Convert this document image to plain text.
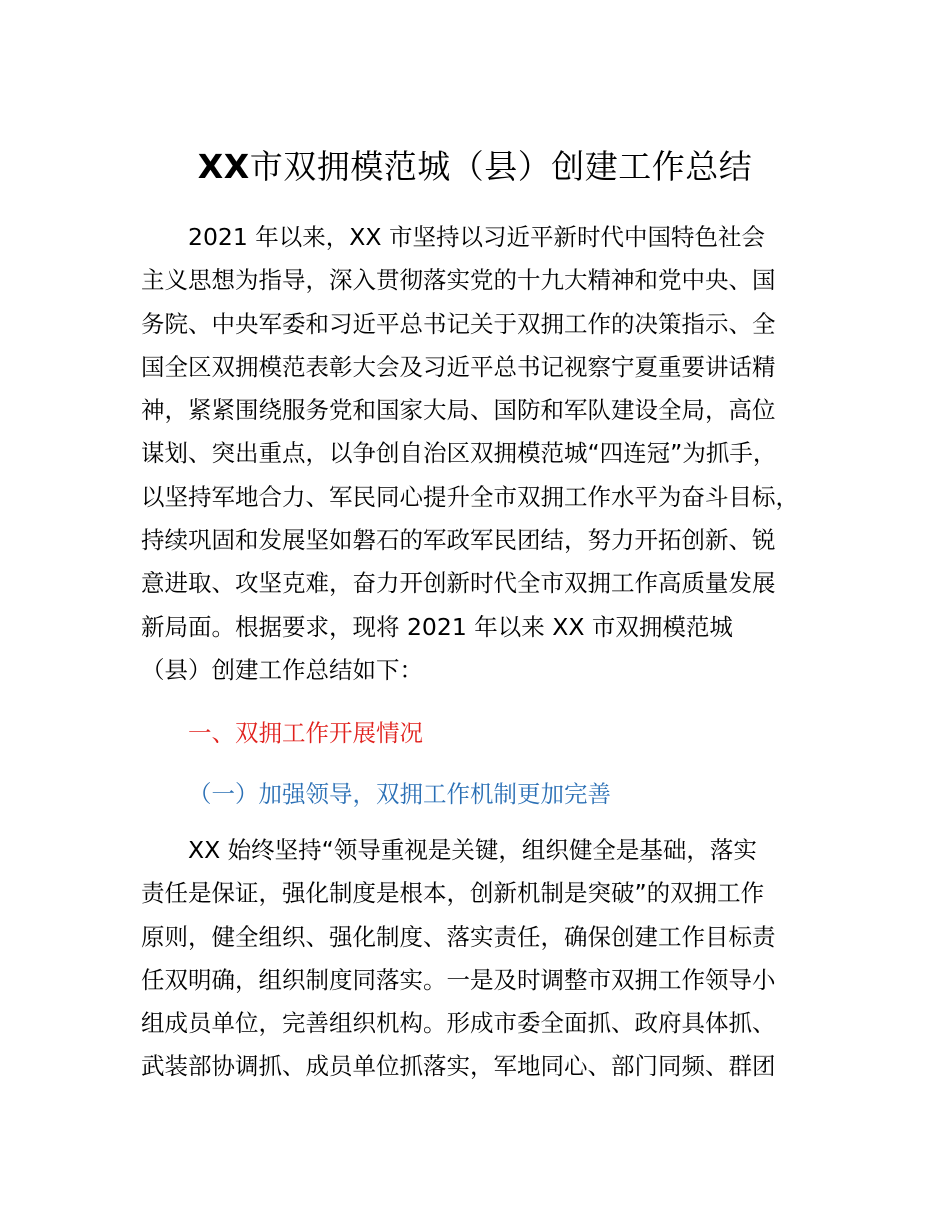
XX市双拥模范城（县）创建工作总结

2021 年以来，XX 市坚持以习近平新时代中国特色社会
主义思想为指导，深入贯彻落实党的十九大精神和党中央、国
务院、中央军委和习近平总书记关于双拥工作的决策指示、全
国全区双拥模范表彰大会及习近平总书记视察宁夏重要讲话精
神，紧紧围绕服务党和国家大局、国防和军队建设全局，高位
谋划、突出重点，以争创自治区双拥模范城“四连冠”为抓手，
以坚持军地合力、军民同心提升全市双拥工作水平为奋斗目标，
持续巩固和发展坚如磐石的军政军民团结，努力开拓创新、锐
意进取、攻坚克难，奋力开创新时代全市双拥工作高质量发展
新局面。根据要求，现将 2021 年以来 XX 市双拥模范城
（县）创建工作总结如下：

一、双拥工作开展情况
（一）加强领导，双拥工作机制更加完善

XX 始终坚持“领导重视是关键，组织健全是基础，落实
责任是保证，强化制度是根本，创新机制是突破”的双拥工作
原则，健全组织、强化制度、落实责任，确保创建工作目标责
任双明确，组织制度同落实。一是及时调整市双拥工作领导小
组成员单位，完善组织机构。形成市委全面抓、政府具体抓、
武装部协调抓、成员单位抓落实，军地同心、部门同频、群团
